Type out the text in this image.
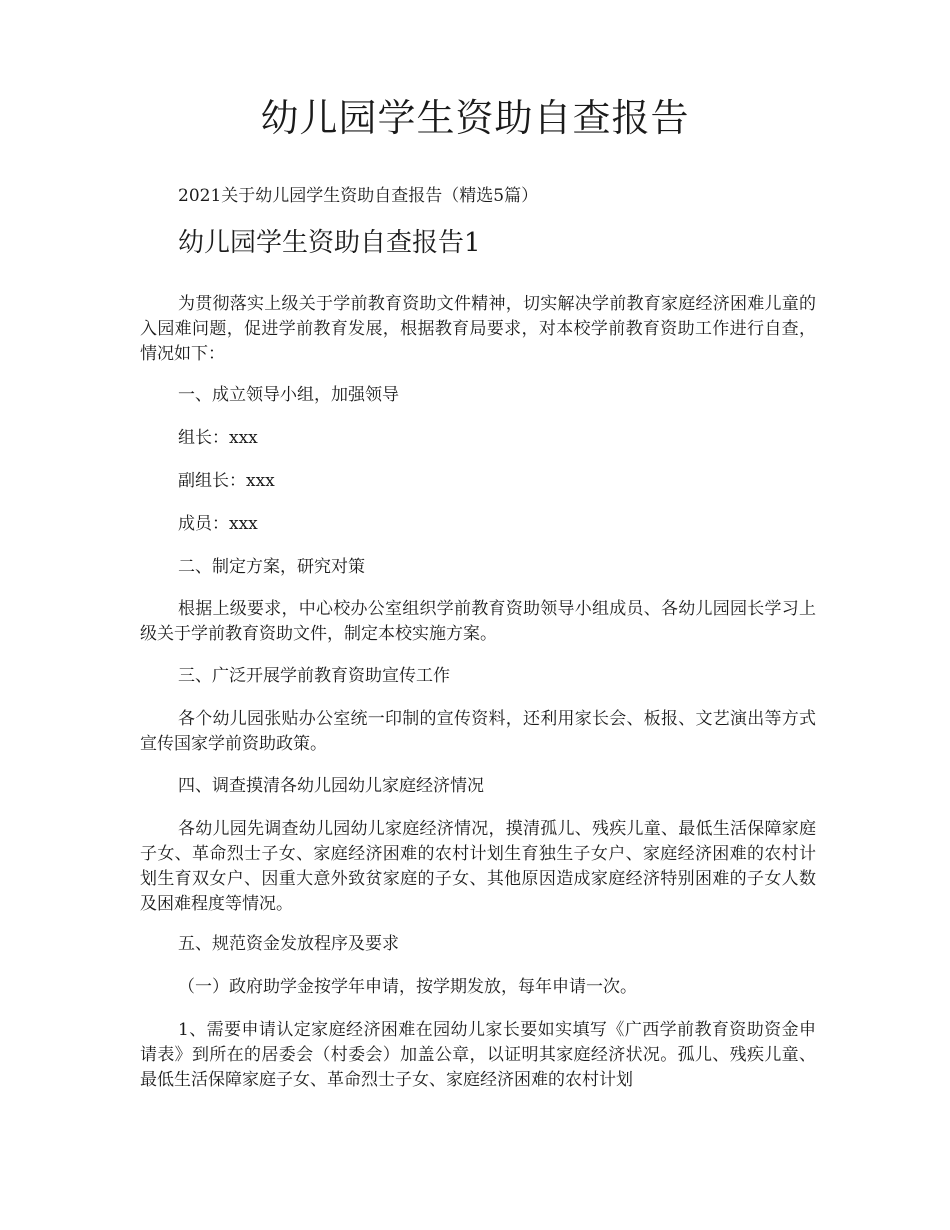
幼儿园学生资助自查报告

2021关于幼儿园学生资助自查报告（精选5篇）

幼儿园学生资助自查报告1

为贯彻落实上级关于学前教育资助文件精神，切实解决学前教育家庭经济困难儿童的入园难问题，促进学前教育发展，根据教育局要求，对本校学前教育资助工作进行自查，情况如下：

一、成立领导小组，加强领导

组长：xxx

副组长：xxx

成员：xxx

二、制定方案，研究对策

根据上级要求，中心校办公室组织学前教育资助领导小组成员、各幼儿园园长学习上级关于学前教育资助文件，制定本校实施方案。

三、广泛开展学前教育资助宣传工作

各个幼儿园张贴办公室统一印制的宣传资料，还利用家长会、板报、文艺演出等方式宣传国家学前资助政策。

四、调查摸清各幼儿园幼儿家庭经济情况

各幼儿园先调查幼儿园幼儿家庭经济情况，摸清孤儿、残疾儿童、最低生活保障家庭子女、革命烈士子女、家庭经济困难的农村计划生育独生子女户、家庭经济困难的农村计划生育双女户、因重大意外致贫家庭的子女、其他原因造成家庭经济特别困难的子女人数及困难程度等情况。

五、规范资金发放程序及要求

（一）政府助学金按学年申请，按学期发放，每年申请一次。

1、需要申请认定家庭经济困难在园幼儿家长要如实填写《广西学前教育资助资金申请表》到所在的居委会（村委会）加盖公章，以证明其家庭经济状况。孤儿、残疾儿童、最低生活保障家庭子女、革命烈士子女、家庭经济困难的农村计划
